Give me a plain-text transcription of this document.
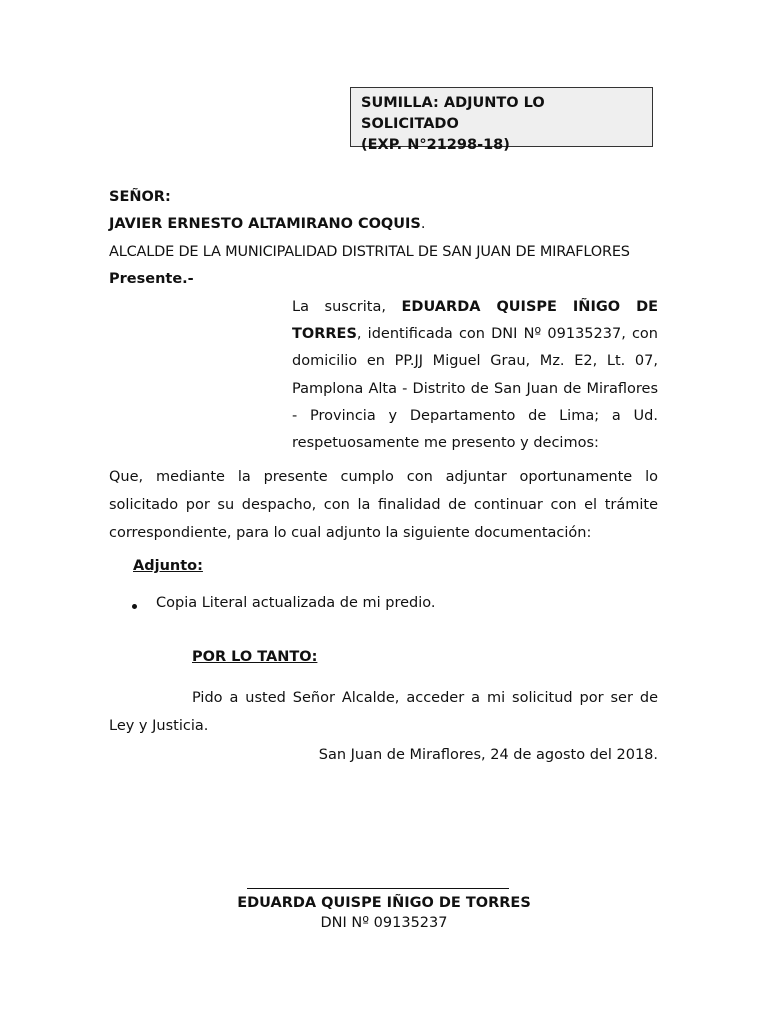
SUMILLA: ADJUNTO LO SOLICITADO
(EXP. N°21298-18)
SEÑOR:
JAVIER ERNESTO ALTAMIRANO COQUIS.
ALCALDE DE LA MUNICIPALIDAD DISTRITAL DE SAN JUAN DE MIRAFLORES
Presente.-
La suscrita, EDUARDA QUISPE IÑIGO DE TORRES, identificada con DNI Nº 09135237, con domicilio en PP.JJ Miguel Grau, Mz. E2, Lt. 07, Pamplona Alta - Distrito de San Juan de Miraflores - Provincia y Departamento de Lima; a Ud. respetuosamente me presento y decimos:
Que, mediante la presente cumplo con adjuntar oportunamente lo solicitado por su despacho, con la finalidad de continuar con el trámite correspondiente, para lo cual adjunto la siguiente documentación:
Adjunto:
Copia Literal actualizada de mi predio.
POR LO TANTO:
Pido a usted Señor Alcalde, acceder a mi solicitud por ser de Ley y Justicia.
San Juan de Miraflores, 24 de agosto del 2018.
EDUARDA QUISPE IÑIGO DE TORRES
DNI Nº 09135237
